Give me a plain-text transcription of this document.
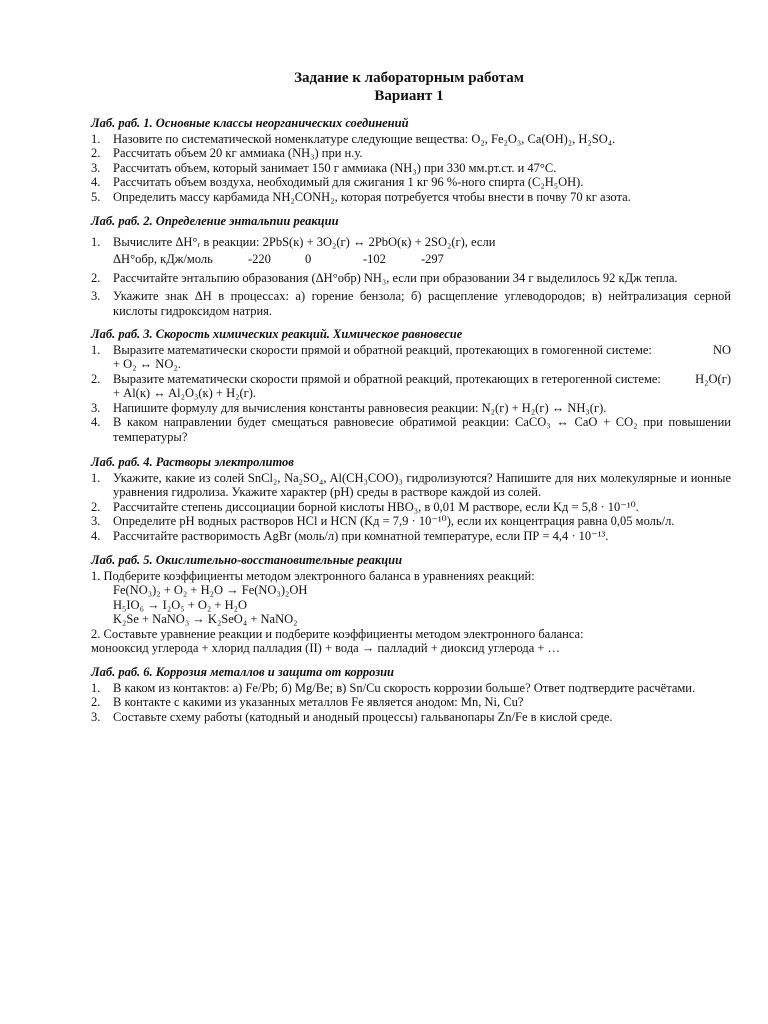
Задание к лабораторным работам
Вариант 1
Лаб. раб. 1. Основные классы неорганических соединений
1. Назовите по систематической номенклатуре следующие вещества: O₂, Fe₂O₃, Ca(OH)₂, H₂SO₄.
2. Рассчитать объем 20 кг аммиака (NH₃) при н.у.
3. Рассчитать объем, который занимает 150 г аммиака (NH₃) при 330 мм.рт.ст. и 47°C.
4. Рассчитать объем воздуха, необходимый для сжигания 1 кг 96 %-ного спирта (C₂H₅OH).
5. Определить массу карбамида NH₂CONH₂, которая потребуется чтобы внести в почву 70 кг азота.
Лаб. раб. 2. Определение энтальпии реакции
1. Вычислите ΔH°ᵣ в реакции: 2PbS(к) + 3O₂(г) ↔ 2PbO(к) + 2SO₂(г), если
ΔH°обр, кДж/моль	-220	0	-102	-297
2. Рассчитайте энтальпию образования (ΔH°обр) NH₃, если при образовании 34 г выделилось 92 кДж тепла.
3. Укажите знак ΔH в процессах: а) горение бензола; б) расщепление углеводородов; в) нейтрализация серной кислоты гидроксидом натрия.
Лаб. раб. 3. Скорость химических реакций. Химическое равновесие
1. Выразите математически скорости прямой и обратной реакций, протекающих в гомогенной системе:	NO

+ O₂ ↔ NO₂.
2. Выразите математически скорости прямой и обратной реакций, протекающих в гетерогенной системе:	H₂O(г)

+ Al(к) ↔ Al₂O₃(к) + H₂(г).
3. Напишите формулу для вычисления константы равновесия реакции: N₂(г) + H₂(г) ↔ NH₃(г).
4. В каком направлении будет смещаться равновесие обратимой реакции: CaCO₃ ↔ CaO + CO₂ при повышении температуры?
Лаб. раб. 4. Растворы электролитов
1. Укажите, какие из солей SnCl₂, Na₂SO₄, Al(CH₃COO)₃ гидролизуются? Напишите для них молекулярные и ионные уравнения гидролиза. Укажите характер (pH) среды в растворе каждой из солей.
2. Рассчитайте степень диссоциации борной кислоты HBO₃, в 0,01 М растворе, если Kд = 5,8 · 10⁻¹⁰.
3. Определите pH водных растворов HCl и HCN (Kд = 7,9 · 10⁻¹⁰), если их концентрация равна 0,05 моль/л.
4. Рассчитайте растворимость AgBr (моль/л) при комнатной температуре, если ПР = 4,4 · 10⁻¹³.
Лаб. раб. 5. Окислительно-восстановительные реакции
1. Подберите коэффициенты методом электронного баланса в уравнениях реакций:
Fe(NO₃)₂ + O₂ + H₂O → Fe(NO₃)₂OH
H₅IO₆ → I₂O₅ + O₂ + H₂O
K₂Se + NaNO₃ → K₂SeO₄ + NaNO₂
2. Составьте уравнение реакции и подберите коэффициенты методом электронного баланса:
монооксид углерода + хлорид палладия (II) + вода → палладий + диоксид углерода + …
Лаб. раб. 6. Коррозия металлов и защита от коррозии
1. В каком из контактов: а) Fe/Pb; б) Mg/Be; в) Sn/Cu скорость коррозии больше? Ответ подтвердите расчётами.
2. В контакте с какими из указанных металлов Fe является анодом: Mn, Ni, Cu?
3. Составьте схему работы (катодный и анодный процессы) гальванопары Zn/Fe в кислой среде.
